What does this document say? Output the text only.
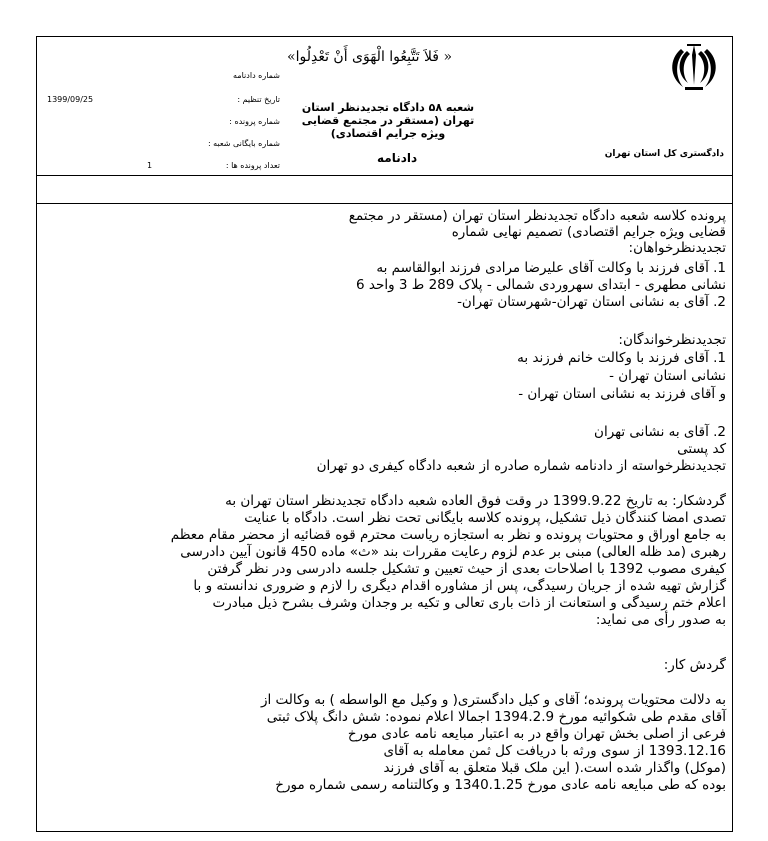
دادگستری کل استان تهران
«فَلاَ تَتَّبِعُوا الْهَوَى أَنْ تَعْدِلُوا »
شعبه ۵۸ دادگاه تجدیدنظر استان تهران (مستقر در مجتمع قضایی ویژه جرایم اقتصادی)
دادنامه
شماره دادنامه
تاریخ تنظیم :
1399/09/25
شماره پرونده :
شماره بایگانی شعبه :
تعداد پرونده ها :
1
پرونده کلاسه شعبه دادگاه تجدیدنظر استان تهران (مستقر در مجتمع
قضایی ویژه جرایم اقتصادی) تصمیم نهایی شماره
تجدیدنظرخواهان:
1. آقای فرزند با وکالت آقای علیرضا مرادی فرزند ابوالقاسم به
نشانی مطهری - ابتدای سهروردی شمالی - پلاک 289 ط 3 واحد 6
2. آقای به نشانی استان تهران-شهرستان تهران-
تجدیدنظرخواندگان:
1. آقای فرزند با وکالت خانم فرزند به
نشانی استان تهران -
و آقای فرزند به نشانی استان تهران -
2. آقای به نشانی تهران
کد پستی
تجدیدنظرخواسته از دادنامه شماره صادره از شعبه دادگاه کیفری دو تهران
گردشکار: به تاریخ 1399.9.22 در وقت فوق العاده شعبه دادگاه تجدیدنظر استان تهران به
تصدی امضا کنندگان ذیل تشکیل، پرونده کلاسه بایگانی تحت نظر است. دادگاه با عنایت
به جامع اوراق و محتویات پرونده و نظر به استجازه ریاست محترم قوه قضائیه از محضر مقام معظم
رهبری (مد ظله العالی) مبنی بر عدم لزوم رعایت مقررات بند «ث» ماده 450 قانون آیین دادرسی
کیفری مصوب 1392 با اصلاحات بعدی از حیث تعیین و تشکیل جلسه دادرسی ودر نظر گرفتن
گزارش تهیه شده از جریان رسیدگی، پس از مشاوره اقدام دیگری را لازم و ضروری ندانسته و با
اعلام ختم رسیدگی و استعانت از ذات باری تعالی و تکیه بر وجدان وشرف بشرح ذیل مبادرت
به صدور رأی می نماید:
گردش کار:
به دلالت محتویات پرونده؛ آقای و کیل دادگستری( و وکیل مع الواسطه ) به وکالت از
آقای مقدم طی شکوائیه مورخ 1394.2.9 اجمالا اعلام نموده: شش دانگ پلاک ثبتی
فرعی از اصلی بخش تهران واقع در به اعتبار مبایعه نامه عادی مورخ
1393.12.16 از سوی ورثه با دریافت کل ثمن معامله به آقای
(موکل) واگذار شده است.( این ملک قبلا متعلق به آقای فرزند
بوده که طی مبایعه نامه عادی مورخ 1340.1.25 و وکالتنامه رسمی شماره مورخ
